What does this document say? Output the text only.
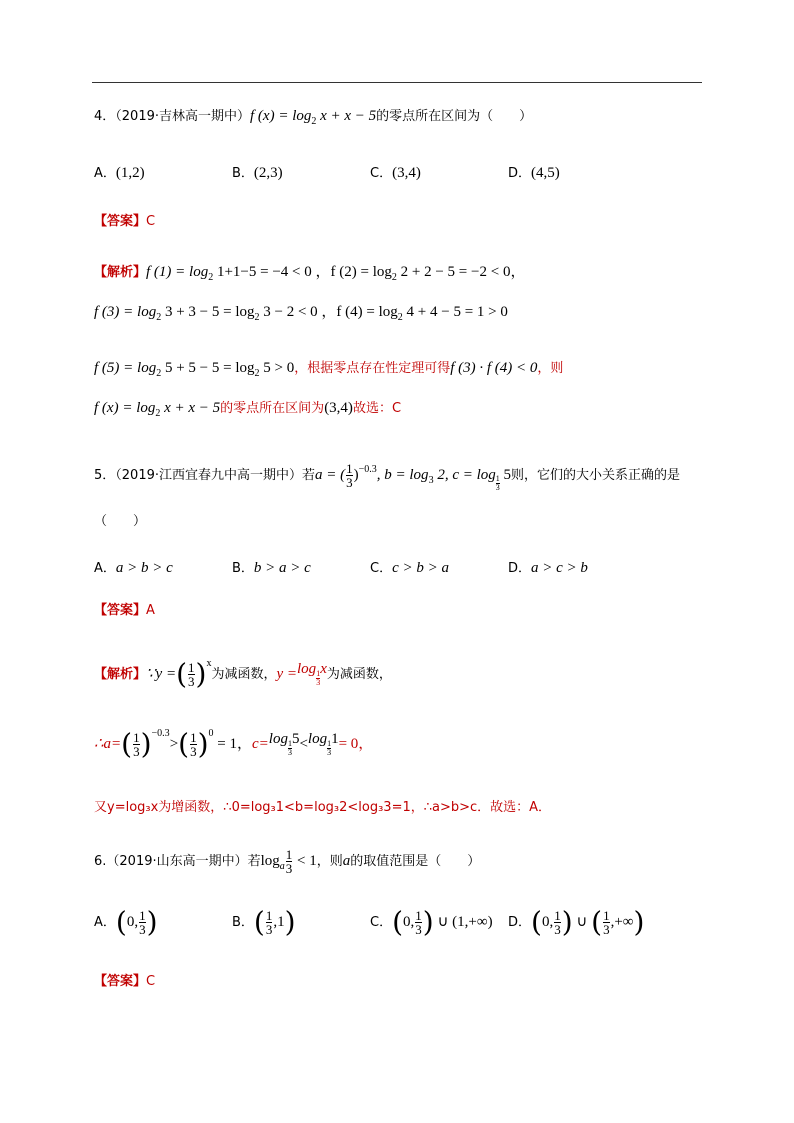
4．（2019·吉林高一期中）f $(x) = \log_2 x + x - 5$的零点所在区间为（　　）
A．(1,2)	B．(2,3)	C．(3,4)	D．(4,5)
【答案】C
【解析】f $(1) = \log_2 1+1-5 = -4 < 0$ ，f $(2) = \log_2 2 + 2 - 5 = -2 < 0$，
f $(3) = \log_2 3 + 3 - 5 = \log_2 3 - 2 < 0$ ，f $(4) = \log_2 4 + 4 - 5 = 1 > 0$
f $(5) = \log_2 5 + 5 - 5 = \log_2 5 > 0$，根据零点存在性定理可得f (3) · f (4) < 0，则
f $(x) = \log_2 x + x - 5$的零点所在区间为(3,4)故选：C
5．（2019·江西宜春九中高一期中）若a = ( $\frac{1}{3} )^{-0.3}$, $b = \log_3 2$, $c = \log \frac{1}{3} 5$则，它们的大小关系正确的是
（　　）
A．a > b > c	B．b > a > c	C．c > b > a	D．a > c > b
【答案】A
【解析】∵y =( $\frac{1}{3} )^x$为减函数，y =log
$\frac{1}{3}$
x为减函数，
∴a=( $\frac{1}{3} )^{-0.3}>( \frac{1}{3} )^0 = 1$，c=log
$\frac{1}{3}$
5<log
$\frac{1}{3}$
1= 0，
又y=log₃x为增函数，∴0=log₃1<b=log₃2<log₃3=1，∴a>b>c．故选：A．
6.（2019·山东高一期中）若$\log_a \frac{1}{3} < 1$，则a的取值范围是（　　）
A．(0, $\frac{1}{3}$ )	B．( $\frac{1}{3} ,1$)	C．(0, $\frac{1}{3}$ ) ∪ (1,+∞) D．(0, $\frac{1}{3}$ ) ∪ ( $\frac{1}{3}$ ,+∞)
【答案】C
